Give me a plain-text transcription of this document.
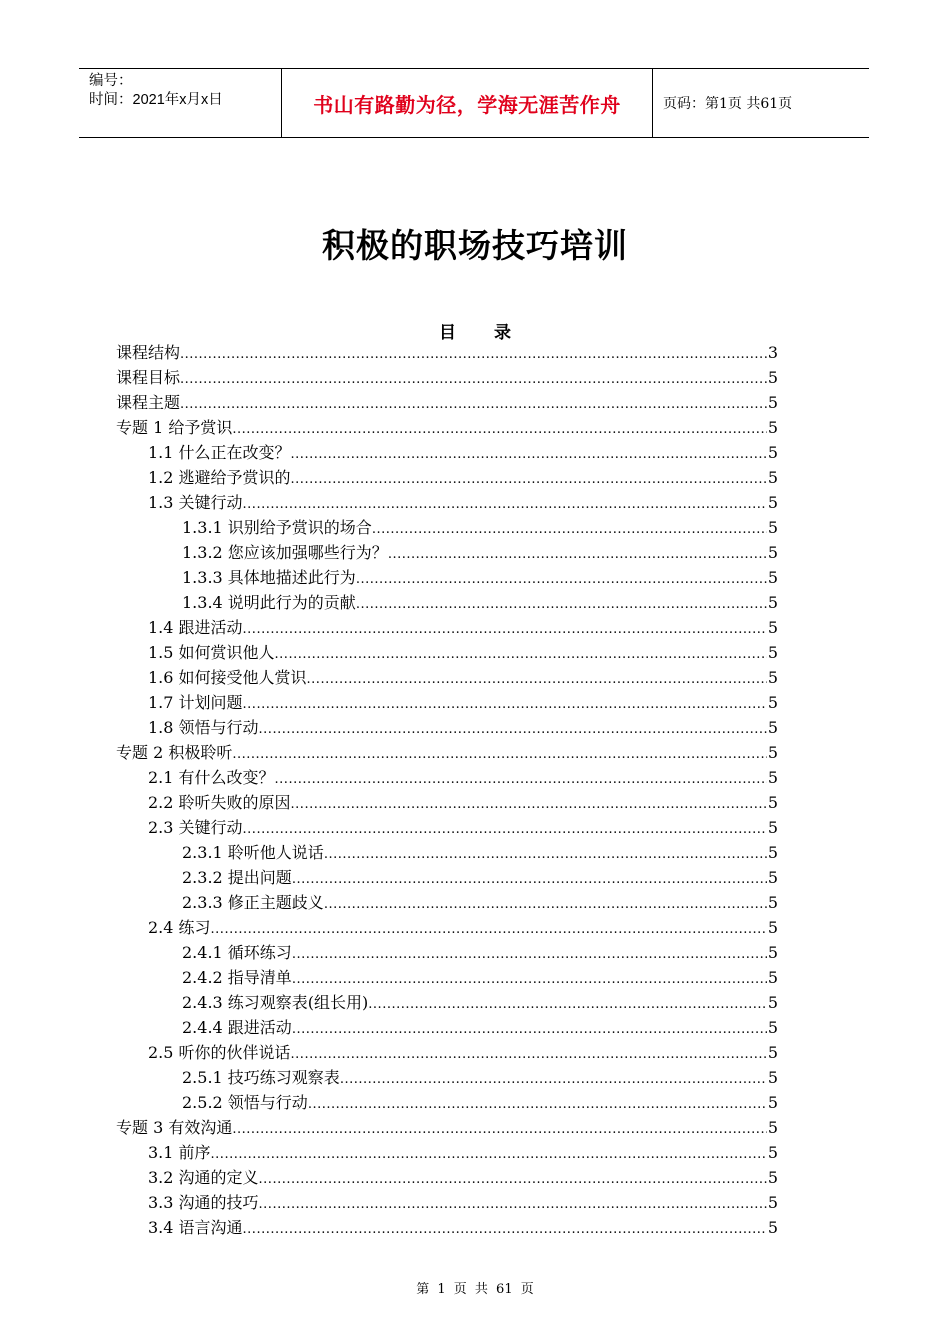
编号：
时间：2021年x月x日	书山有路勤为径，学海无涯苦作舟	页码：第1页 共61页
积极的职场技巧培训
目 录
课程结构 .....	3
课程目标 .....	5
课程主题 .....	5
专题 1 给予赏识 .....	5
1.1 什么正在改变？ .....	5
1.2 逃避给予赏识的 .....	5
1.3 关键行动 .....	5
1.3.1 识别给予赏识的场合 .....	5
1.3.2 您应该加强哪些行为？ .....	5
1.3.3 具体地描述此行为 .....	5
1.3.4 说明此行为的贡献 .....	5
1.4 跟进活动 .....	5
1.5 如何赏识他人 .....	5
1.6 如何接受他人赏识 .....	5
1.7 计划问题 .....	5
1.8 领悟与行动 .....	5
专题 2 积极聆听 .....	5
2.1 有什么改变？ .....	5
2.2 聆听失败的原因 .....	5
2.3 关键行动 .....	5
2.3.1 聆听他人说话 .....	5
2.3.2 提出问题 .....	5
2.3.3 修正主题歧义 .....	5
2.4 练习 .....	5
2.4.1 循环练习 .....	5
2.4.2 指导清单 .....	5
2.4.3 练习观察表(组长用) .....	5
2.4.4 跟进活动 .....	5
2.5 听你的伙伴说话 .....	5
2.5.1 技巧练习观察表 .....	5
2.5.2 领悟与行动 .....	5
专题 3 有效沟通 .....	5
3.1 前序 .....	5
3.2 沟通的定义 .....	5
3.3 沟通的技巧 .....	5
3.4 语言沟通 .....	5
第 1 页 共 61 页
